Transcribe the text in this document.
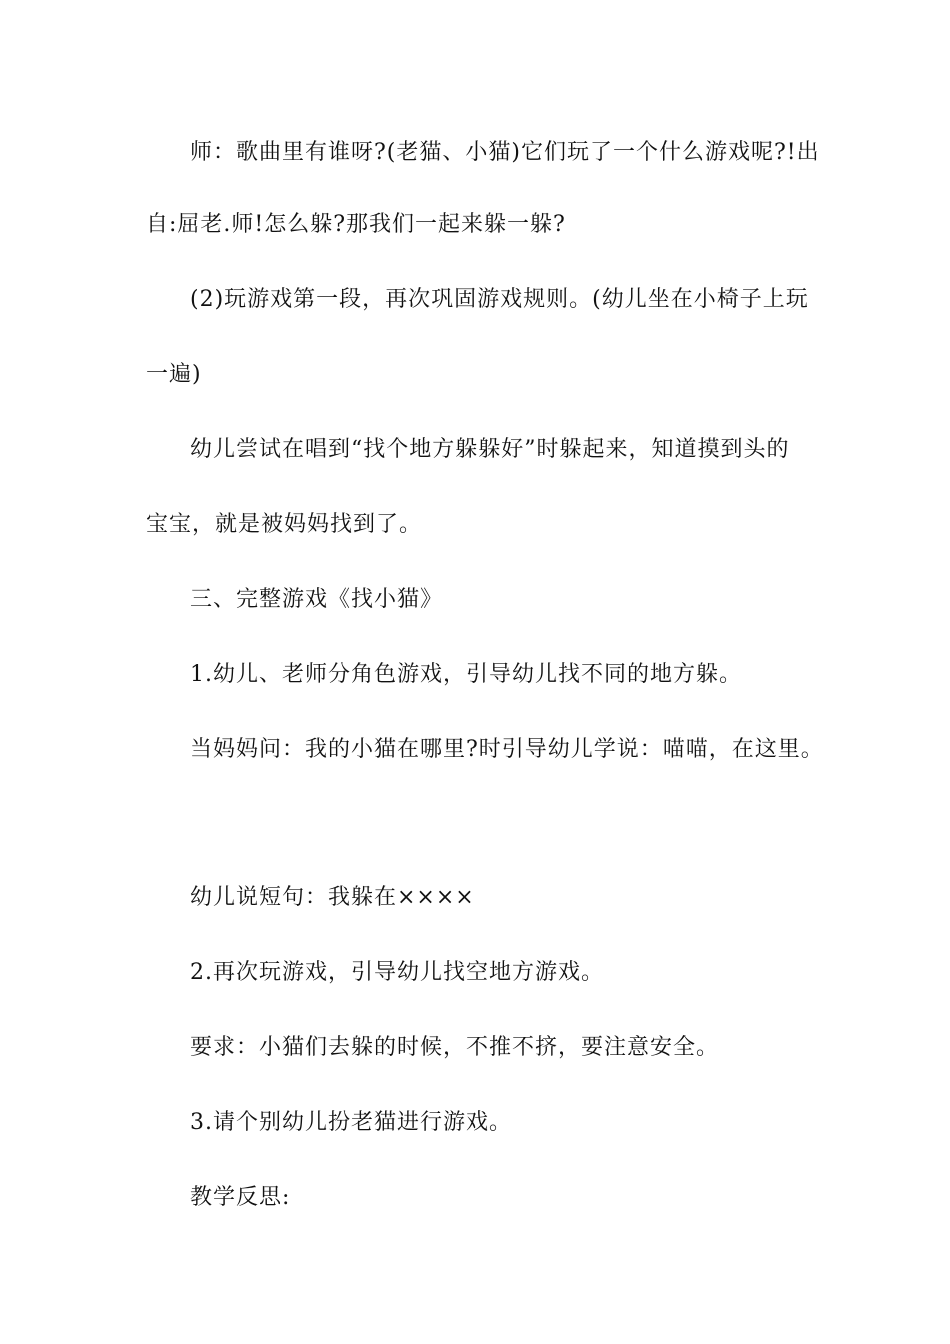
师：歌曲里有谁呀?(老猫、小猫)它们玩了一个什么游戏呢?!出
自:屈老.师!怎么躲?那我们一起来躲一躲?
(2)玩游戏第一段，再次巩固游戏规则。(幼儿坐在小椅子上玩
一遍)
幼儿尝试在唱到“找个地方躲躲好”时躲起来，知道摸到头的
宝宝，就是被妈妈找到了。
三、完整游戏《找小猫》
1.幼儿、老师分角色游戏，引导幼儿找不同的地方躲。
当妈妈问：我的小猫在哪里?时引导幼儿学说：喵喵，在这里。
幼儿说短句：我躲在××××
2.再次玩游戏，引导幼儿找空地方游戏。
要求：小猫们去躲的时候，不推不挤，要注意安全。
3.请个别幼儿扮老猫进行游戏。
教学反思:
